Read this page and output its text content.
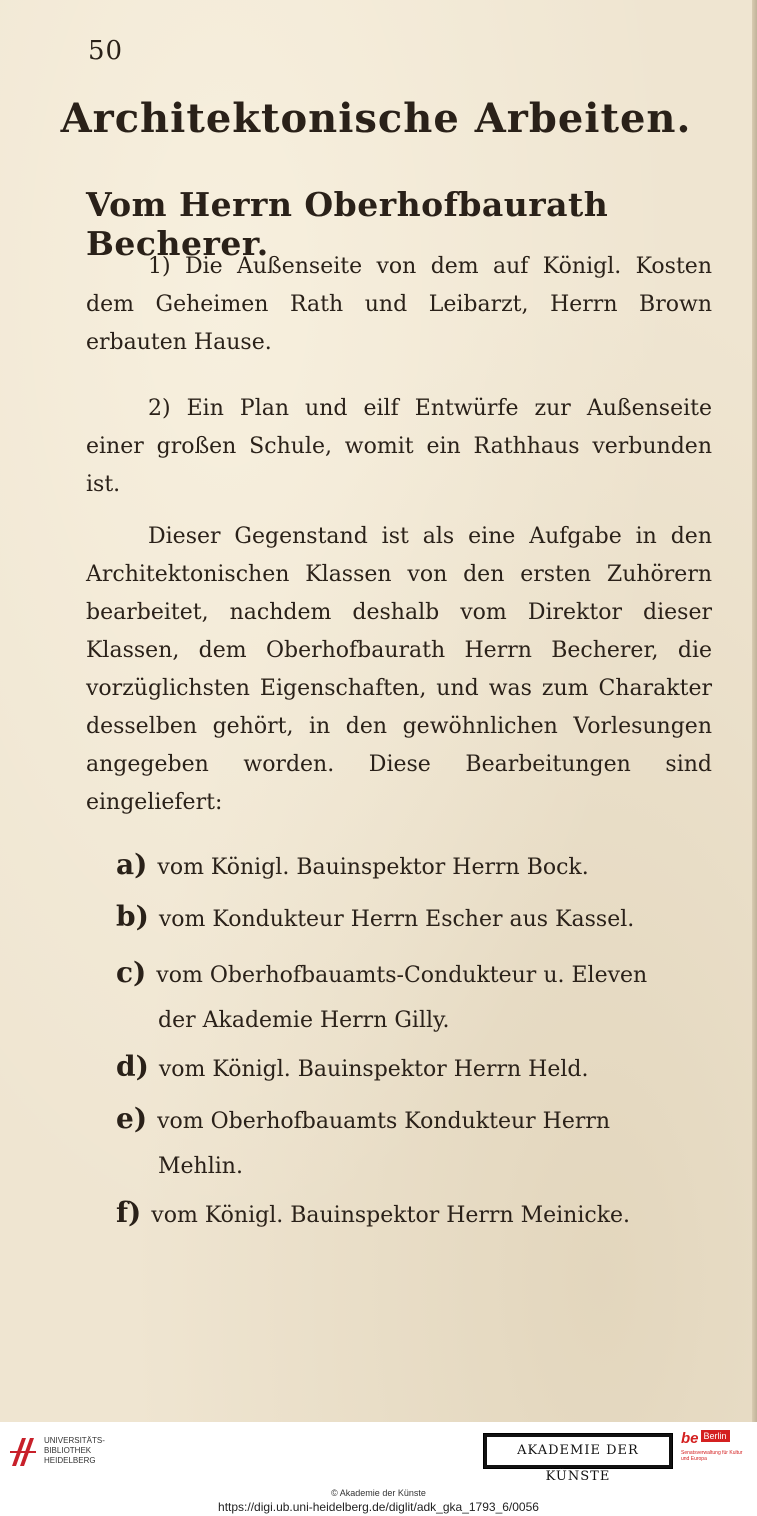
50
Architektonische Arbeiten.
Vom Herrn Oberhofbaurath Becherer.
1) Die Außenseite von dem auf Königl. Kosten dem Geheimen Rath und Leibarzt, Herrn Brown erbauten Hause.
2) Ein Plan und eilf Entwürfe zur Außenseite einer großen Schule, womit ein Rathhaus verbunden ist.
Dieser Gegenstand ist als eine Aufgabe in den Architektonischen Klassen von den ersten Zuhörern bearbeitet, nachdem deshalb vom Direktor dieser Klassen, dem Oberhofbaurath Herrn Becherer, die vorzüglichsten Eigenschaften, und was zum Charakter desselben gehört, in den gewöhnlichen Vorlesungen angegeben worden. Diese Bearbeitungen sind eingeliefert:
a) vom Königl. Bauinspektor Herrn Bock.
b) vom Kondukteur Herrn Escher aus Kassel.
c) vom Oberhofbauamts-Condukteur u. Eleven
der Akademie Herrn Gilly.
d) vom Königl. Bauinspektor Herrn Held.
e) vom Oberhofbauamts Kondukteur Herrn
Mehlin.
f) vom Königl. Bauinspektor Herrn Meinicke.
UNIVERSITÄTS-
BIBLIOTHEK
HEIDELBERG
AKADEMIE DER KÜNSTE
be Berlin
Senatsverwaltung für Kultur und Europa
© Akademie der Künste
https://digi.ub.uni-heidelberg.de/diglit/adk_gka_1793_6/0056
